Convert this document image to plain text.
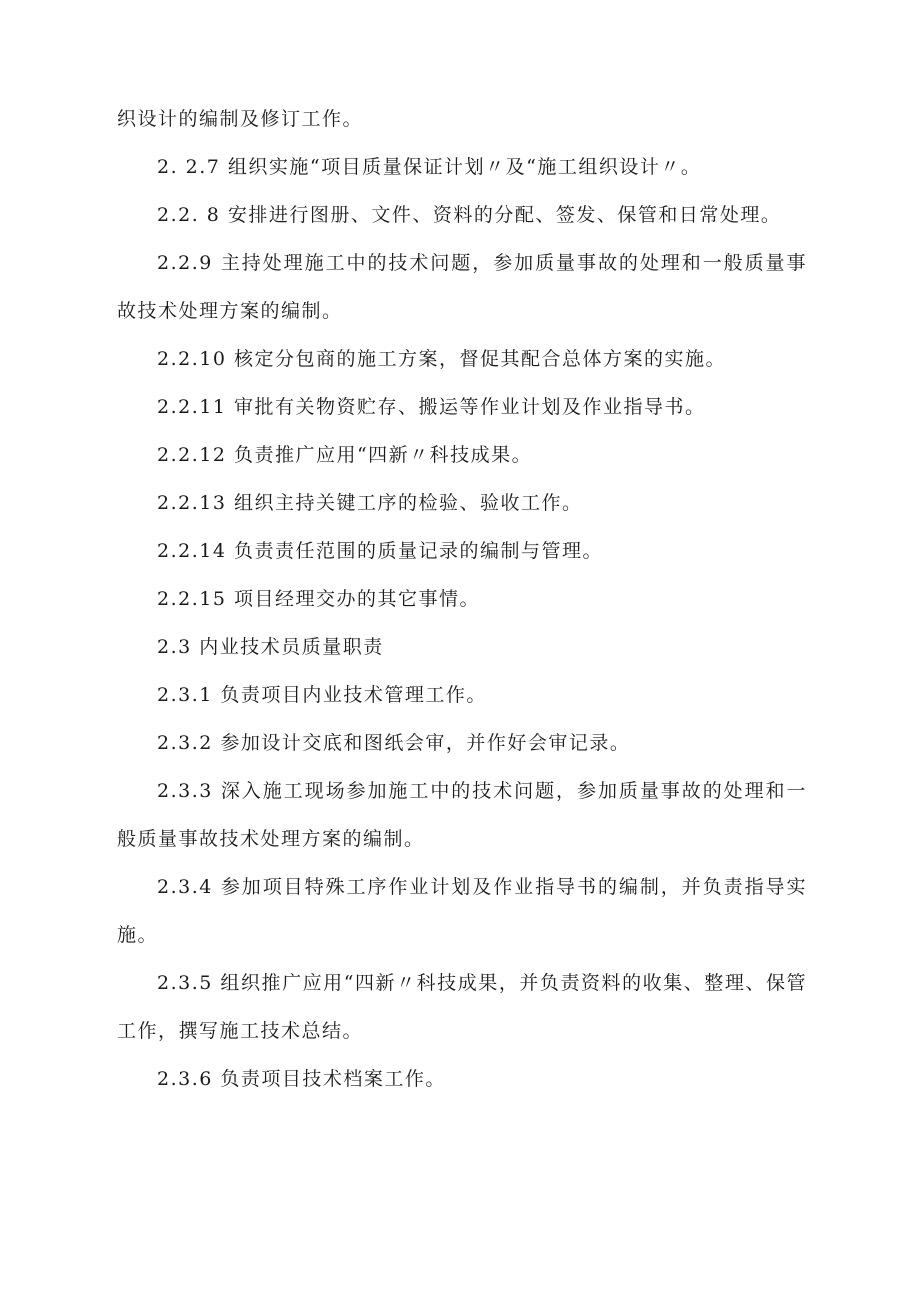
织设计的编制及修订工作。

2. 2.7 组织实施“项目质量保证计划〃及“施工组织设计〃。

2.2. 8 安排进行图册、文件、资料的分配、签发、保管和日常处理。

2.2.9 主持处理施工中的技术问题，参加质量事故的处理和一般质量事故技术处理方案的编制。

2.2.10 核定分包商的施工方案，督促其配合总体方案的实施。

2.2.11 审批有关物资贮存、搬运等作业计划及作业指导书。

2.2.12 负责推广应用“四新〃科技成果。

2.2.13 组织主持关键工序的检验、验收工作。

2.2.14 负责责任范围的质量记录的编制与管理。

2.2.15 项目经理交办的其它事情。

2.3 内业技术员质量职责

2.3.1 负责项目内业技术管理工作。

2.3.2 参加设计交底和图纸会审，并作好会审记录。

2.3.3 深入施工现场参加施工中的技术问题，参加质量事故的处理和一般质量事故技术处理方案的编制。

2.3.4 参加项目特殊工序作业计划及作业指导书的编制，并负责指导实施。

2.3.5 组织推广应用“四新〃科技成果，并负责资料的收集、整理、保管工作，撰写施工技术总结。

2.3.6 负责项目技术档案工作。
